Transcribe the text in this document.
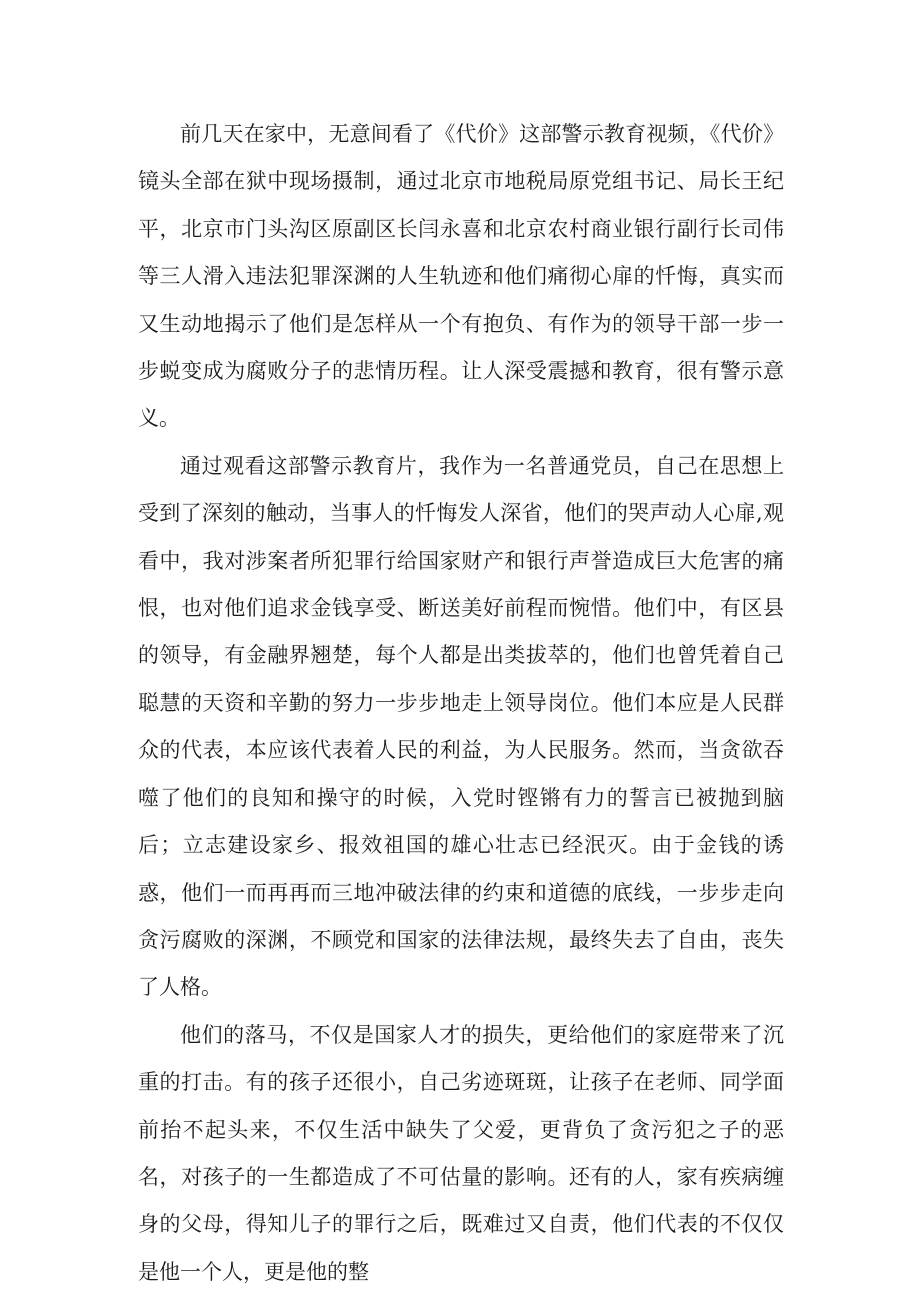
前几天在家中，无意间看了《代价》这部警示教育视频，《代价》镜头全部在狱中现场摄制，通过北京市地税局原党组书记、局长王纪平，北京市门头沟区原副区长闫永喜和北京农村商业银行副行长司伟等三人滑入违法犯罪深渊的人生轨迹和他们痛彻心扉的忏悔，真实而又生动地揭示了他们是怎样从一个有抱负、有作为的领导干部一步一步蜕变成为腐败分子的悲情历程。让人深受震撼和教育，很有警示意义。

通过观看这部警示教育片，我作为一名普通党员，自己在思想上受到了深刻的触动，当事人的忏悔发人深省，他们的哭声动人心扉,观看中，我对涉案者所犯罪行给国家财产和银行声誉造成巨大危害的痛恨，也对他们追求金钱享受、断送美好前程而惋惜。他们中，有区县的领导，有金融界翘楚，每个人都是出类拔萃的，他们也曾凭着自己聪慧的天资和辛勤的努力一步步地走上领导岗位。他们本应是人民群众的代表，本应该代表着人民的利益，为人民服务。然而，当贪欲吞噬了他们的良知和操守的时候，入党时铿锵有力的誓言已被抛到脑后；立志建设家乡、报效祖国的雄心壮志已经泯灭。由于金钱的诱惑，他们一而再再而三地冲破法律的约束和道德的底线，一步步走向贪污腐败的深渊，不顾党和国家的法律法规，最终失去了自由，丧失了人格。

他们的落马，不仅是国家人才的损失，更给他们的家庭带来了沉重的打击。有的孩子还很小，自己劣迹斑斑，让孩子在老师、同学面前抬不起头来，不仅生活中缺失了父爱，更背负了贪污犯之子的恶名，对孩子的一生都造成了不可估量的影响。还有的人，家有疾病缠身的父母，得知儿子的罪行之后，既难过又自责，他们代表的不仅仅是他一个人，更是他的整
